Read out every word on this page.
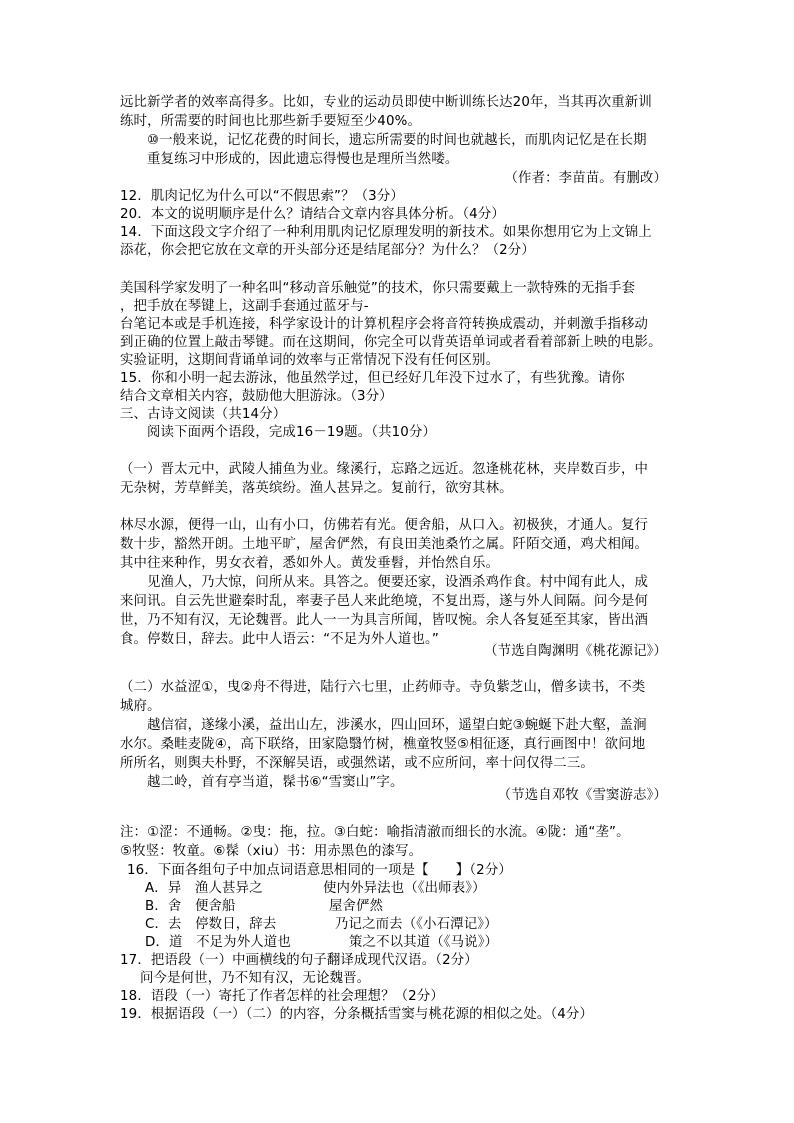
远比新学者的效率高得多。比如，专业的运动员即使中断训练长达20年，当其再次重新训
练时，所需要的时间也比那些新手要短至少40%。
⑩一般来说，记忆花费的时间长，遗忘所需要的时间也就越长，而肌肉记忆是在长期
重复练习中形成的，因此遗忘得慢也是理所当然喽。
（作者：李苗苗。有删改）
12．肌肉记忆为什么可以“不假思索”？（3分）
20．本文的说明顺序是什么？请结合文章内容具体分析。（4分）
14．下面这段文字介绍了一种利用肌肉记忆原理发明的新技术。如果你想用它为上文锦上
添花，你会把它放在文章的开头部分还是结尾部分？为什么？（2分）
美国科学家发明了一种名叫“移动音乐触觉”的技术，你只需要戴上一款特殊的无指手套
，把手放在琴键上，这副手套通过蓝牙与-
台笔记本或是手机连接，科学家设计的计算机程序会将音符转换成震动，并刺激手指移动
到正确的位置上敲击琴键。而在这期间，你完全可以背英语单词或者看着部新上映的电影。
实验证明，这期间背诵单词的效率与正常情况下没有任何区别。
15．你和小明一起去游泳，他虽然学过，但已经好几年没下过水了，有些犹豫。请你
结合文章相关内容，鼓励他大胆游泳。（3分）
三、古诗文阅读（共14分）
阅读下面两个语段，完成16－19题。（共10分）
（一）晋太元中，武陵人捕鱼为业。缘溪行，忘路之远近。忽逢桃花林，夹岸数百步，中
无杂树，芳草鲜美，落英缤纷。渔人甚异之。复前行，欲穷其林。
林尽水源，便得一山，山有小口，仿佛若有光。便舍船，从口入。初极狭，才通人。复行
数十步，豁然开朗。土地平旷，屋舍俨然，有良田美池桑竹之属。阡陌交通，鸡犬相闻。
其中往来种作，男女衣着，悉如外人。黄发垂髫，并怡然自乐。
见渔人，乃大惊，问所从来。具答之。便要还家，设酒杀鸡作食。村中闻有此人，成
来问讯。自云先世避秦时乱，率妻子邑人来此绝境，不复出焉，遂与外人间隔。问今是何
世，乃不知有汉，无论魏晋。此人一一为具言所闻，皆叹惋。余人各复延至其家，皆出酒
食。停数日，辞去。此中人语云：“不足为外人道也。”
（节选自陶渊明《桃花源记》）
（二）水益涩①，曳②舟不得进，陆行六七里，止药师寺。寺负紫芝山，僧多读书，不类
城府。
越信宿，遂缘小溪，益出山左，涉溪水，四山回环，遥望白蛇③蜿蜒下赴大壑，盖涧
水尔。桑畦麦陇④，高下联络，田家隐翳竹树，樵童牧竖⑤相征逐，真行画图中！欲问地
所所名，则舆夫朴野，不深解吴语，或强然诺，或不应所问，率十问仅得二三。
越二岭，首有亭当道，髹书⑥“雪窦山”字。
（节选自邓牧《雪窦游志》）
注：①涩：不通畅。②曳：拖，拉。③白蛇：喻指清澈而细长的水流。④陇：通“垄”。
⑤牧竖：牧童。⑥髹（xiu）书：用赤黑色的漆写。
16．下面各组句子中加点词语意思相同的一项是【　　】（2分）
A．异　渔人甚异之	使内外异法也（《出师表》）
B．舍　便舍船	屋舍俨然
C．去　停数日，辞去	乃记之而去（《小石潭记》）
D．道　不足为外人道也	策之不以其道（《马说》）
17．把语段（一）中画横线的句子翻译成现代汉语。（2分）
问今是何世，乃不知有汉，无论魏晋。
18．语段（一）寄托了作者怎样的社会理想？（2分）
19．根据语段（一）（二）的内容，分条概括雪窦与桃花源的相似之处。（4分）
